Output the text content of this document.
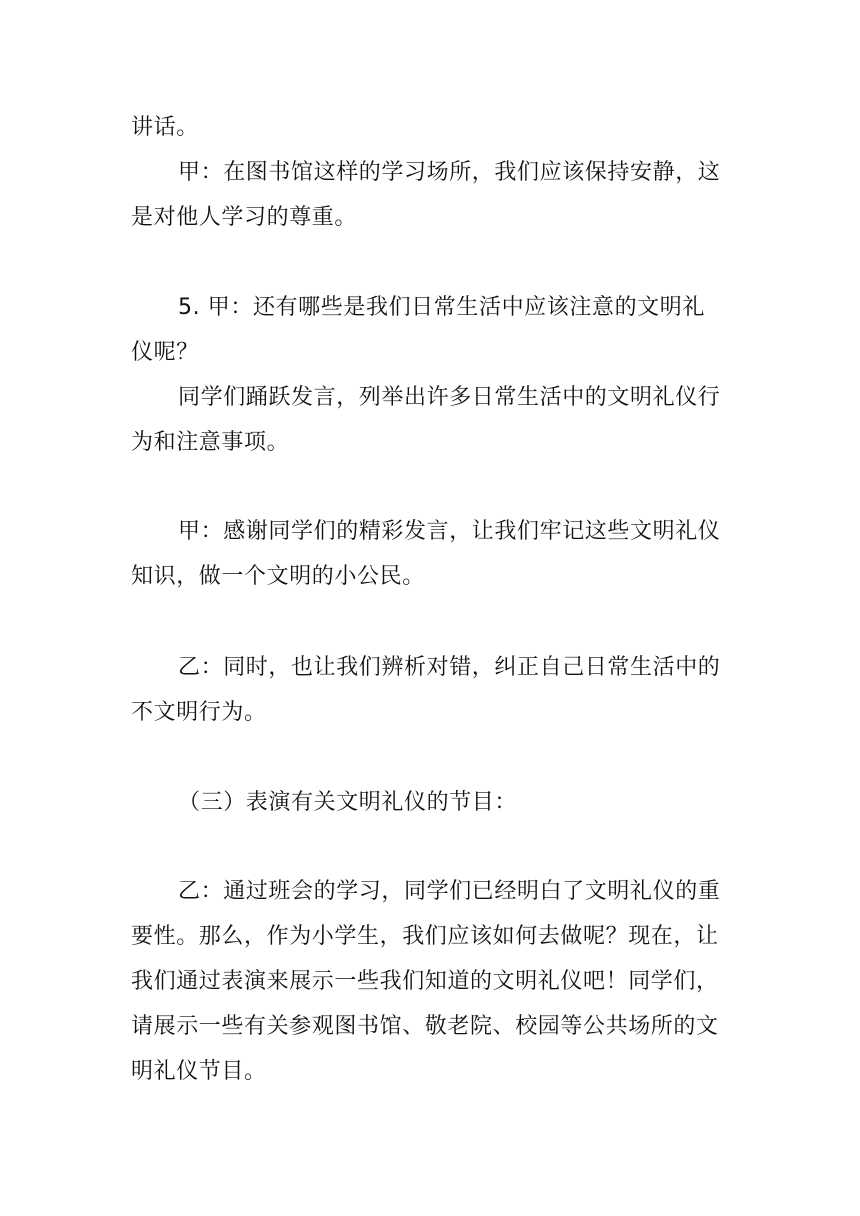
讲话。
甲：在图书馆这样的学习场所，我们应该保持安静，这
是对他人学习的尊重。
5. 甲：还有哪些是我们日常生活中应该注意的文明礼
仪呢？
同学们踊跃发言，列举出许多日常生活中的文明礼仪行
为和注意事项。
甲：感谢同学们的精彩发言，让我们牢记这些文明礼仪
知识，做一个文明的小公民。
乙：同时，也让我们辨析对错，纠正自己日常生活中的
不文明行为。
（三）表演有关文明礼仪的节目：
乙：通过班会的学习，同学们已经明白了文明礼仪的重
要性。那么，作为小学生，我们应该如何去做呢？现在，让
我们通过表演来展示一些我们知道的文明礼仪吧！同学们，
请展示一些有关参观图书馆、敬老院、校园等公共场所的文
明礼仪节目。
